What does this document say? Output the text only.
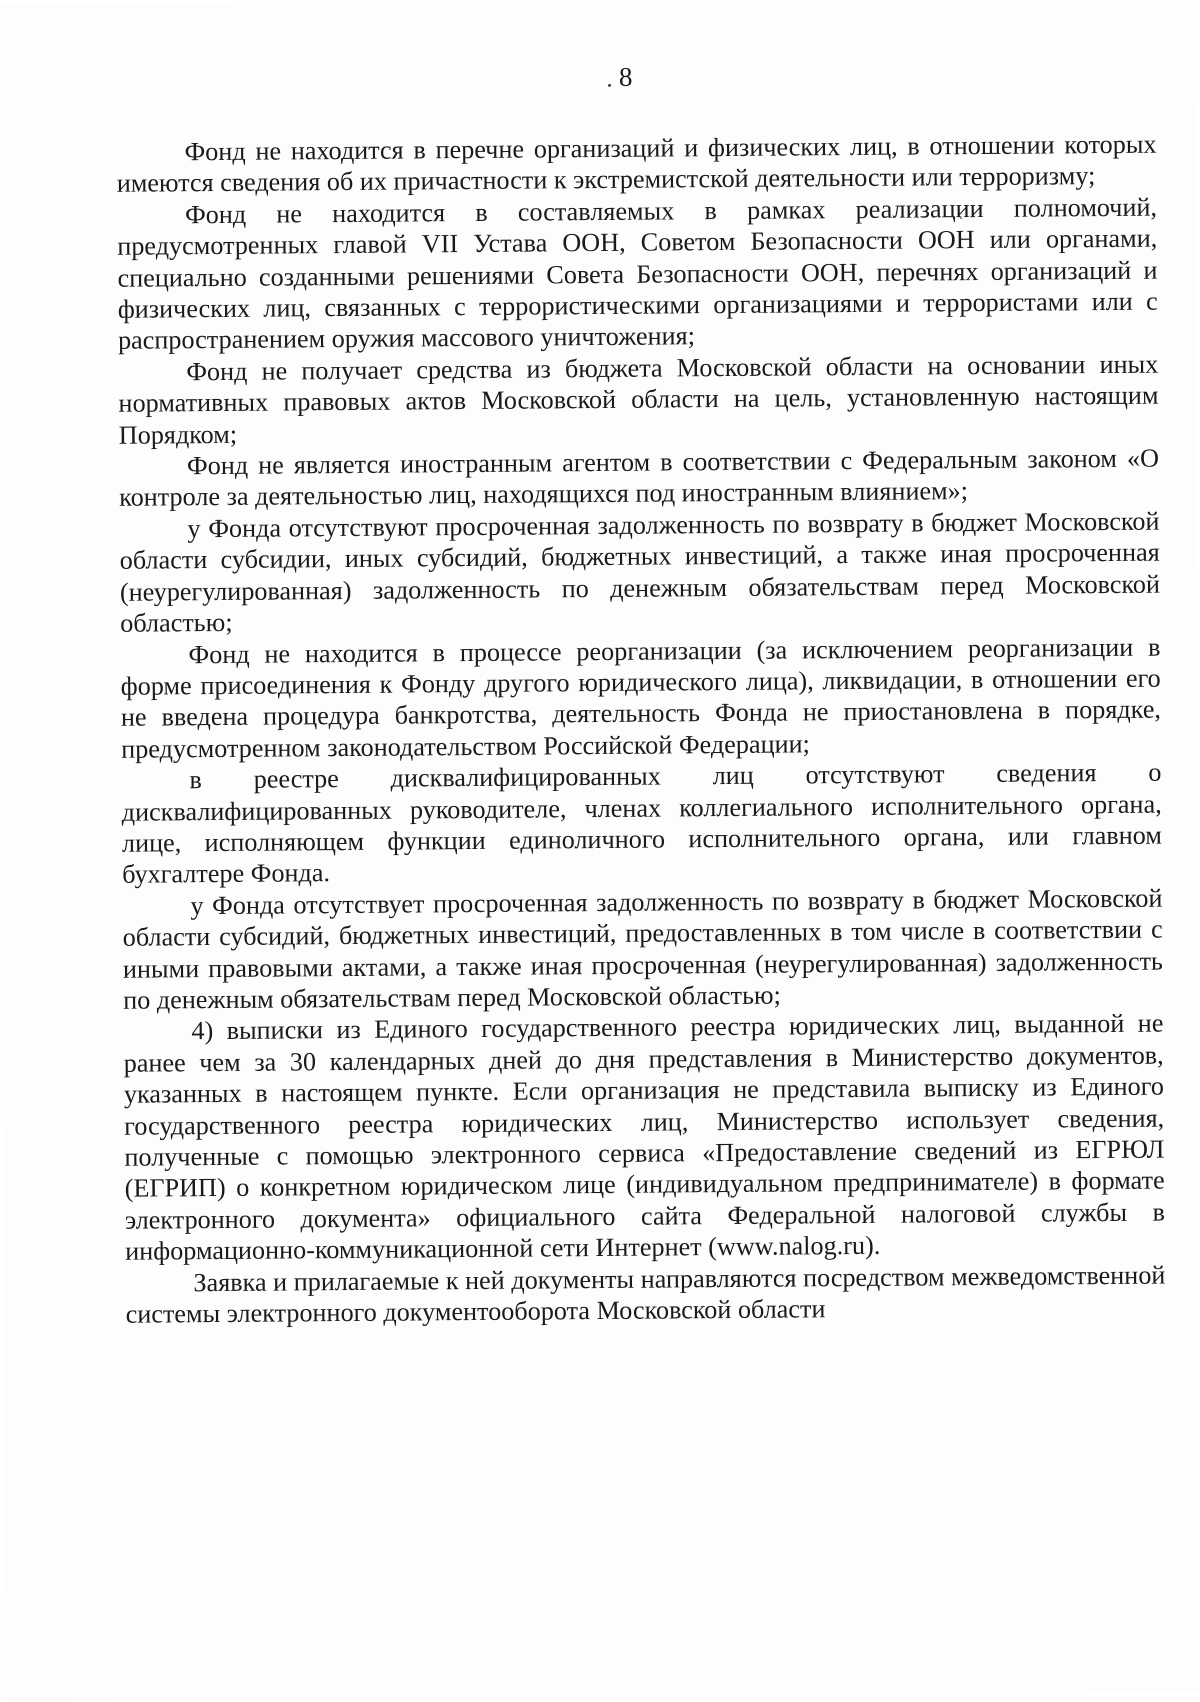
8

Фонд не находится в перечне организаций и физических лиц, в отношении которых имеются сведения об их причастности к экстремистской деятельности или терроризму;

Фонд не находится в составляемых в рамках реализации полномочий, предусмотренных главой VII Устава ООН, Советом Безопасности ООН или органами, специально созданными решениями Совета Безопасности ООН, перечнях организаций и физических лиц, связанных с террористическими организациями и террористами или с распространением оружия массового уничтожения;

Фонд не получает средства из бюджета Московской области на основании иных нормативных правовых актов Московской области на цель, установленную настоящим Порядком;

Фонд не является иностранным агентом в соответствии с Федеральным законом «О контроле за деятельностью лиц, находящихся под иностранным влиянием»;

у Фонда отсутствуют просроченная задолженность по возврату в бюджет Московской области субсидии, иных субсидий, бюджетных инвестиций, а также иная просроченная (неурегулированная) задолженность по денежным обязательствам перед Московской областью;

Фонд не находится в процессе реорганизации (за исключением реорганизации в форме присоединения к Фонду другого юридического лица), ликвидации, в отношении его не введена процедура банкротства, деятельность Фонда не приостановлена в порядке, предусмотренном законодательством Российской Федерации;

в реестре дисквалифицированных лиц отсутствуют сведения о дисквалифицированных руководителе, членах коллегиального исполнительного органа, лице, исполняющем функции единоличного исполнительного органа, или главном бухгалтере Фонда.

у Фонда отсутствует просроченная задолженность по возврату в бюджет Московской области субсидий, бюджетных инвестиций, предоставленных в том числе в соответствии с иными правовыми актами, а также иная просроченная (неурегулированная) задолженность по денежным обязательствам перед Московской областью;

4) выписки из Единого государственного реестра юридических лиц, выданной не ранее чем за 30 календарных дней до дня представления в Министерство документов, указанных в настоящем пункте. Если организация не представила выписку из Единого государственного реестра юридических лиц, Министерство использует сведения, полученные с помощью электронного сервиса «Предоставление сведений из ЕГРЮЛ (ЕГРИП) о конкретном юридическом лице (индивидуальном предпринимателе) в формате электронного документа» официального сайта Федеральной налоговой службы в информационно-коммуникационной сети Интернет (www.nalog.ru).

Заявка и прилагаемые к ней документы направляются посредством межведомственной системы электронного документооборота Московской области
